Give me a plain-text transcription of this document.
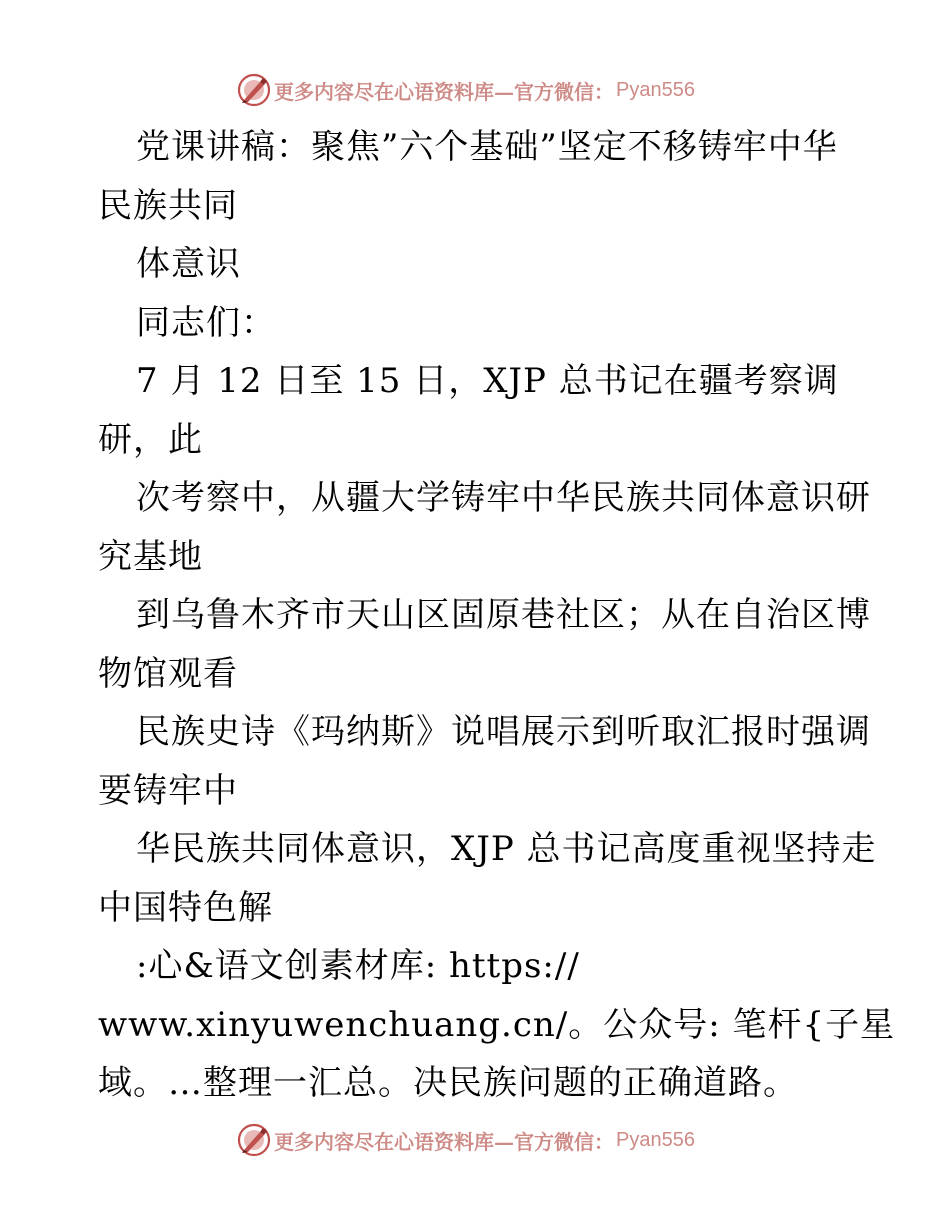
更多内容尽在心语资料库—官方微信： Pyan556
党课讲稿：聚焦”六个基础”坚定不移铸牢中华
民族共同
体意识
同志们：
7 月 12 日至 15 日，XJP 总书记在疆考察调
研，此
次考察中，从疆大学铸牢中华民族共同体意识研
究基地
到乌鲁木齐市天山区固原巷社区；从在自治区博
物馆观看
民族史诗《玛纳斯》说唱展示到听取汇报时强调
要铸牢中
华民族共同体意识，XJP 总书记高度重视坚持走
中国特色解
:心&语文创素材库: https://
www.xinyuwenchuang.cn/。公众号: 笔杆{子星
域。…整理一汇总。决民族问题的正确道路。
更多内容尽在心语资料库—官方微信： Pyan556
